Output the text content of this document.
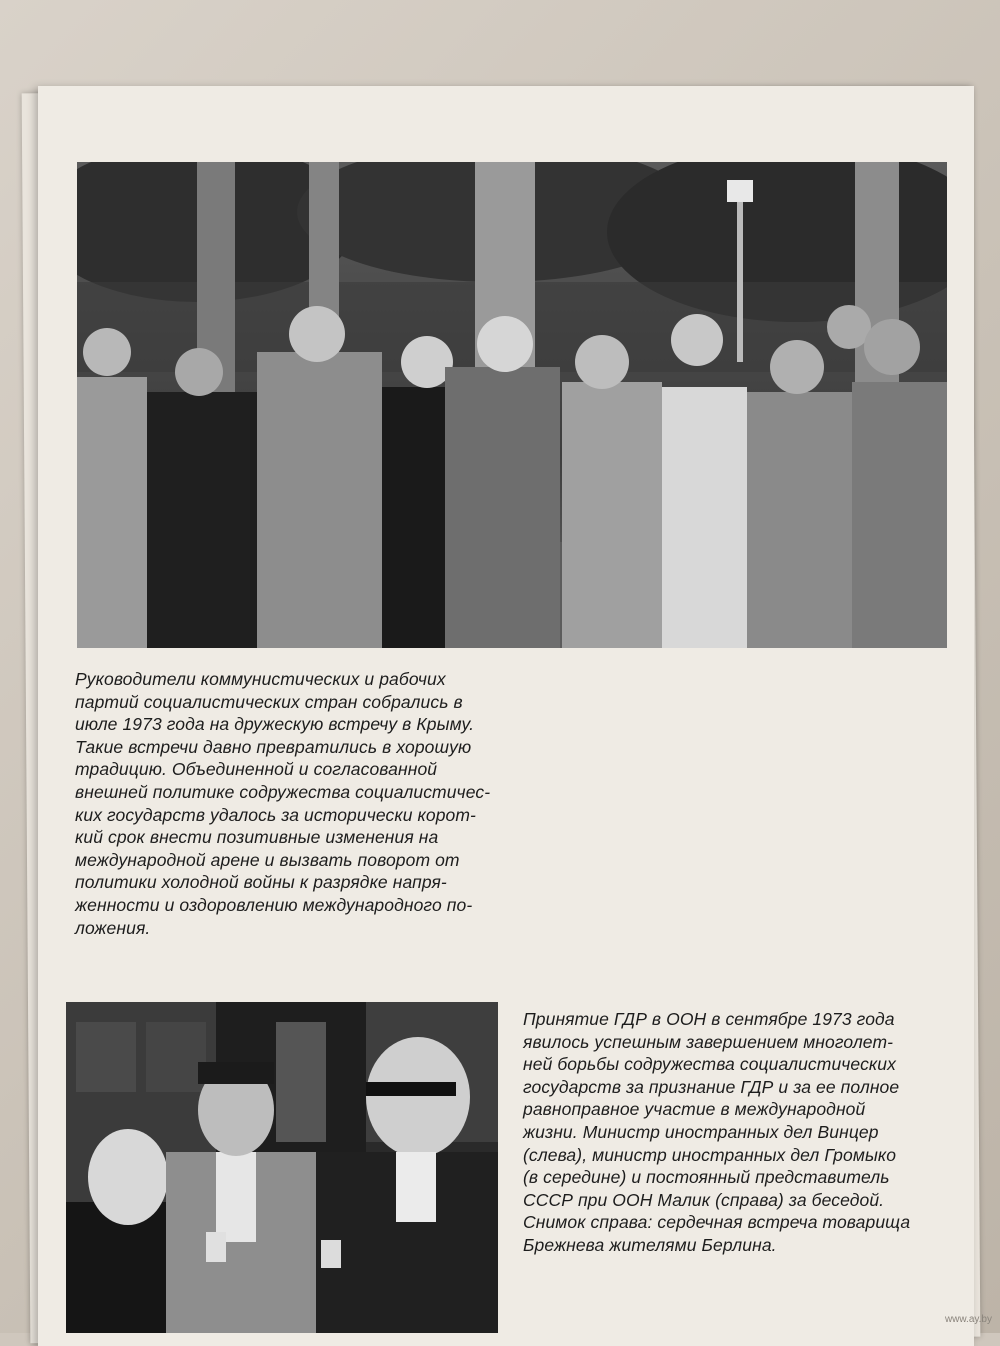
Руководители коммунистических и рабочих
партий социалистических стран собрались в
июле 1973 года на дружескую встречу в Крыму.
Такие встречи давно превратились в хорошую
традицию. Объединенной и согласованной
внешней политике содружества социалистичес-
ких государств удалось за исторически корот-
кий срок внести позитивные изменения на
международной арене и вызвать поворот от
политики холодной войны к разрядке напря-
женности и оздоровлению международного по-
ложения.
Принятие ГДР в ООН в сентябре 1973 года
явилось успешным завершением многолет-
ней борьбы содружества социалистических
государств за признание ГДР и за ее полное
равноправное участие в международной
жизни. Министр иностранных дел Винцер
(слева), министр иностранных дел Громыко
(в середине) и постоянный представитель
СССР при ООН Малик (справа) за беседой.
Снимок справа: сердечная встреча товарища
Брежнева жителями Берлина.
www.ay.by
